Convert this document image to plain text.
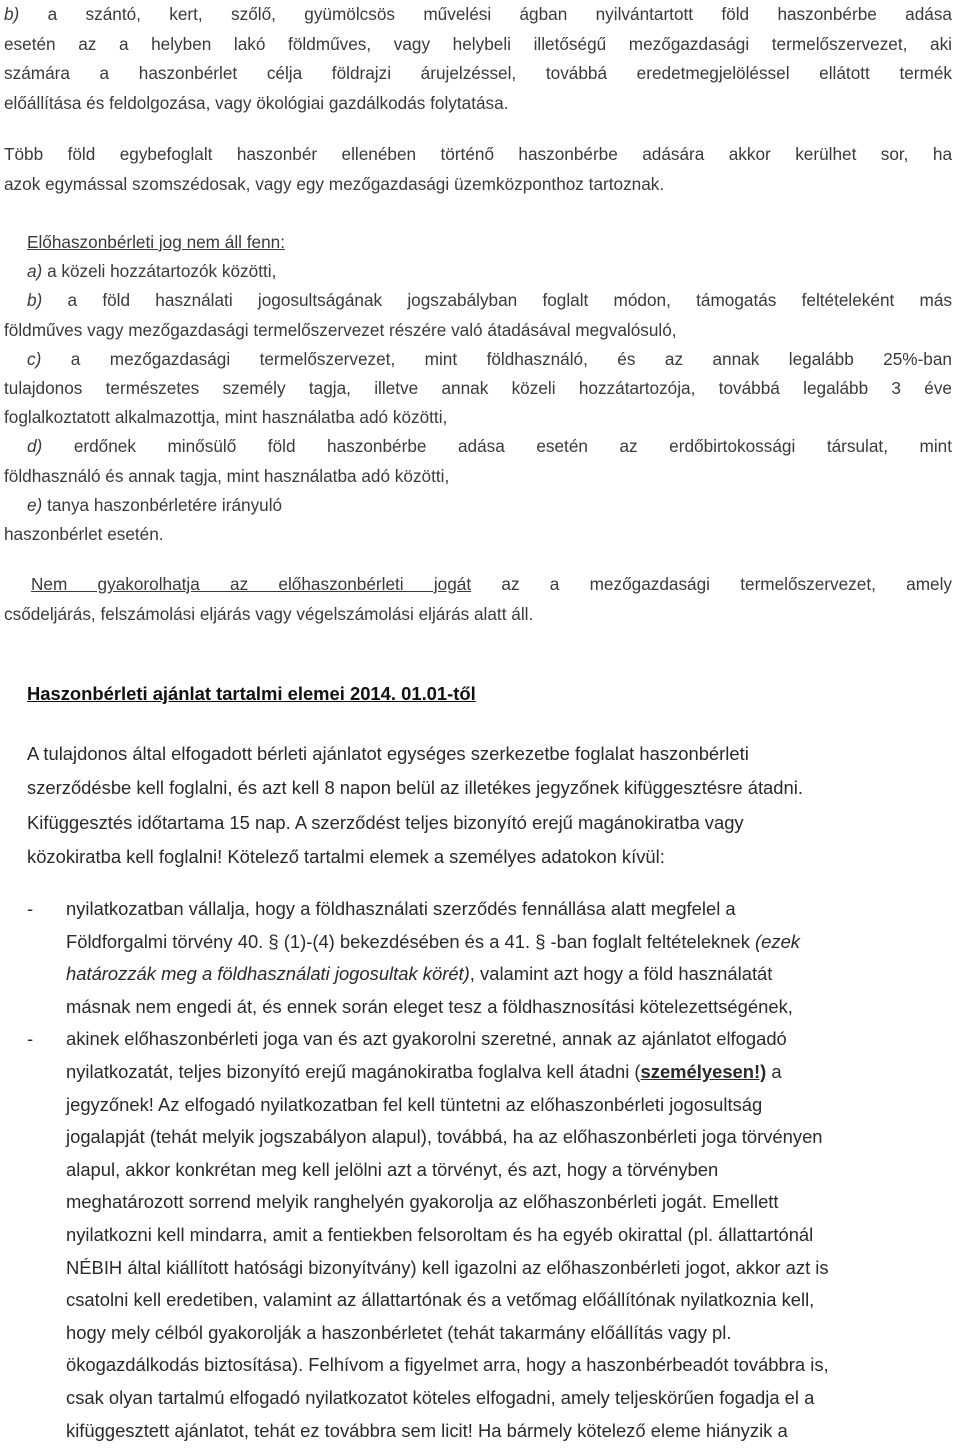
b) a szántó, kert, szőlő, gyümölcsös művelési ágban nyilvántartott föld haszonbérbe adása
esetén az a helyben lakó földműves, vagy helybeli illetőségű mezőgazdasági termelőszervezet, aki
számára a haszonbérlet célja földrajzi árujelzéssel, továbbá eredetmegjelöléssel ellátott termék
előállítása és feldolgozása, vagy ökológiai gazdálkodás folytatása.
Több föld egybefoglalt haszonbér ellenében történő haszonbérbe adására akkor kerülhet sor, ha
azok egymással szomszédosak, vagy egy mezőgazdasági üzemközponthoz tartoznak.
Előhaszonbérleti jog nem áll fenn:
a) a közeli hozzátartozók közötti,
b) a föld használati jogosultságának jogszabályban foglalt módon, támogatás feltételeként más
földműves vagy mezőgazdasági termelőszervezet részére való átadásával megvalósuló,
c) a mezőgazdasági termelőszervezet, mint földhasználó, és az annak legalább 25%-ban
tulajdonos természetes személy tagja, illetve annak közeli hozzátartozója, továbbá legalább 3 éve
foglalkoztatott alkalmazottja, mint használatba adó közötti,
d) erdőnek minősülő föld haszonbérbe adása esetén az erdőbirtokossági társulat, mint
földhasználó és annak tagja, mint használatba adó közötti,
e) tanya haszonbérletére irányuló
haszonbérlet esetén.
Nem gyakorolhatja az előhaszonbérleti jogát az a mezőgazdasági termelőszervezet, amely
csődeljárás, felszámolási eljárás vagy végelszámolási eljárás alatt áll.
Haszonbérleti ajánlat tartalmi elemei 2014. 01.01-től
A tulajdonos által elfogadott bérleti ajánlatot egységes szerkezetbe foglalat haszonbérleti
szerződésbe kell foglalni, és azt kell 8 napon belül az illetékes jegyzőnek kifüggesztésre átadni.
Kifüggesztés időtartama 15 nap. A szerződést teljes bizonyító erejű magánokiratba vagy
közokiratba kell foglalni! Kötelező tartalmi elemek a személyes adatokon kívül:
- nyilatkozatban vállalja, hogy a földhasználati szerződés fennállása alatt megfelel a
Földforgalmi törvény 40. § (1)-(4) bekezdésében és a 41. § -ban foglalt feltételeknek (ezek
határozzák meg a földhasználati jogosultak körét), valamint azt hogy a föld használatát
másnak nem engedi át, és ennek során eleget tesz a földhasznosítási kötelezettségének,
- akinek előhaszonbérleti joga van és azt gyakorolni szeretné, annak az ajánlatot elfogadó
nyilatkozatát, teljes bizonyító erejű magánokiratba foglalva kell átadni (személyesen!) a
jegyzőnek! Az elfogadó nyilatkozatban fel kell tüntetni az előhaszonbérleti jogosultság
jogalapját (tehát melyik jogszabályon alapul), továbbá, ha az előhaszonbérleti joga törvényen
alapul, akkor konkrétan meg kell jelölni azt a törvényt, és azt, hogy a törvényben
meghatározott sorrend melyik ranghelyén gyakorolja az előhaszonbérleti jogát. Emellett
nyilatkozni kell mindarra, amit a fentiekben felsoroltam és ha egyéb okirattal (pl. állattartónál
NÉBIH által kiállított hatósági bizonyítvány) kell igazolni az előhaszonbérleti jogot, akkor azt is
csatolni kell eredetiben, valamint az állattartónak és a vetőmag előállítónak nyilatkoznia kell,
hogy mely célból gyakorolják a haszonbérletet (tehát takarmány előállítás vagy pl.
ökogazdálkodás biztosítása). Felhívom a figyelmet arra, hogy a haszonbérbeadót továbbra is,
csak olyan tartalmú elfogadó nyilatkozatot köteles elfogadni, amely teljeskörűen fogadja el a
kifüggesztett ajánlatot, tehát ez továbbra sem licit! Ha bármely kötelező eleme hiányzik a
